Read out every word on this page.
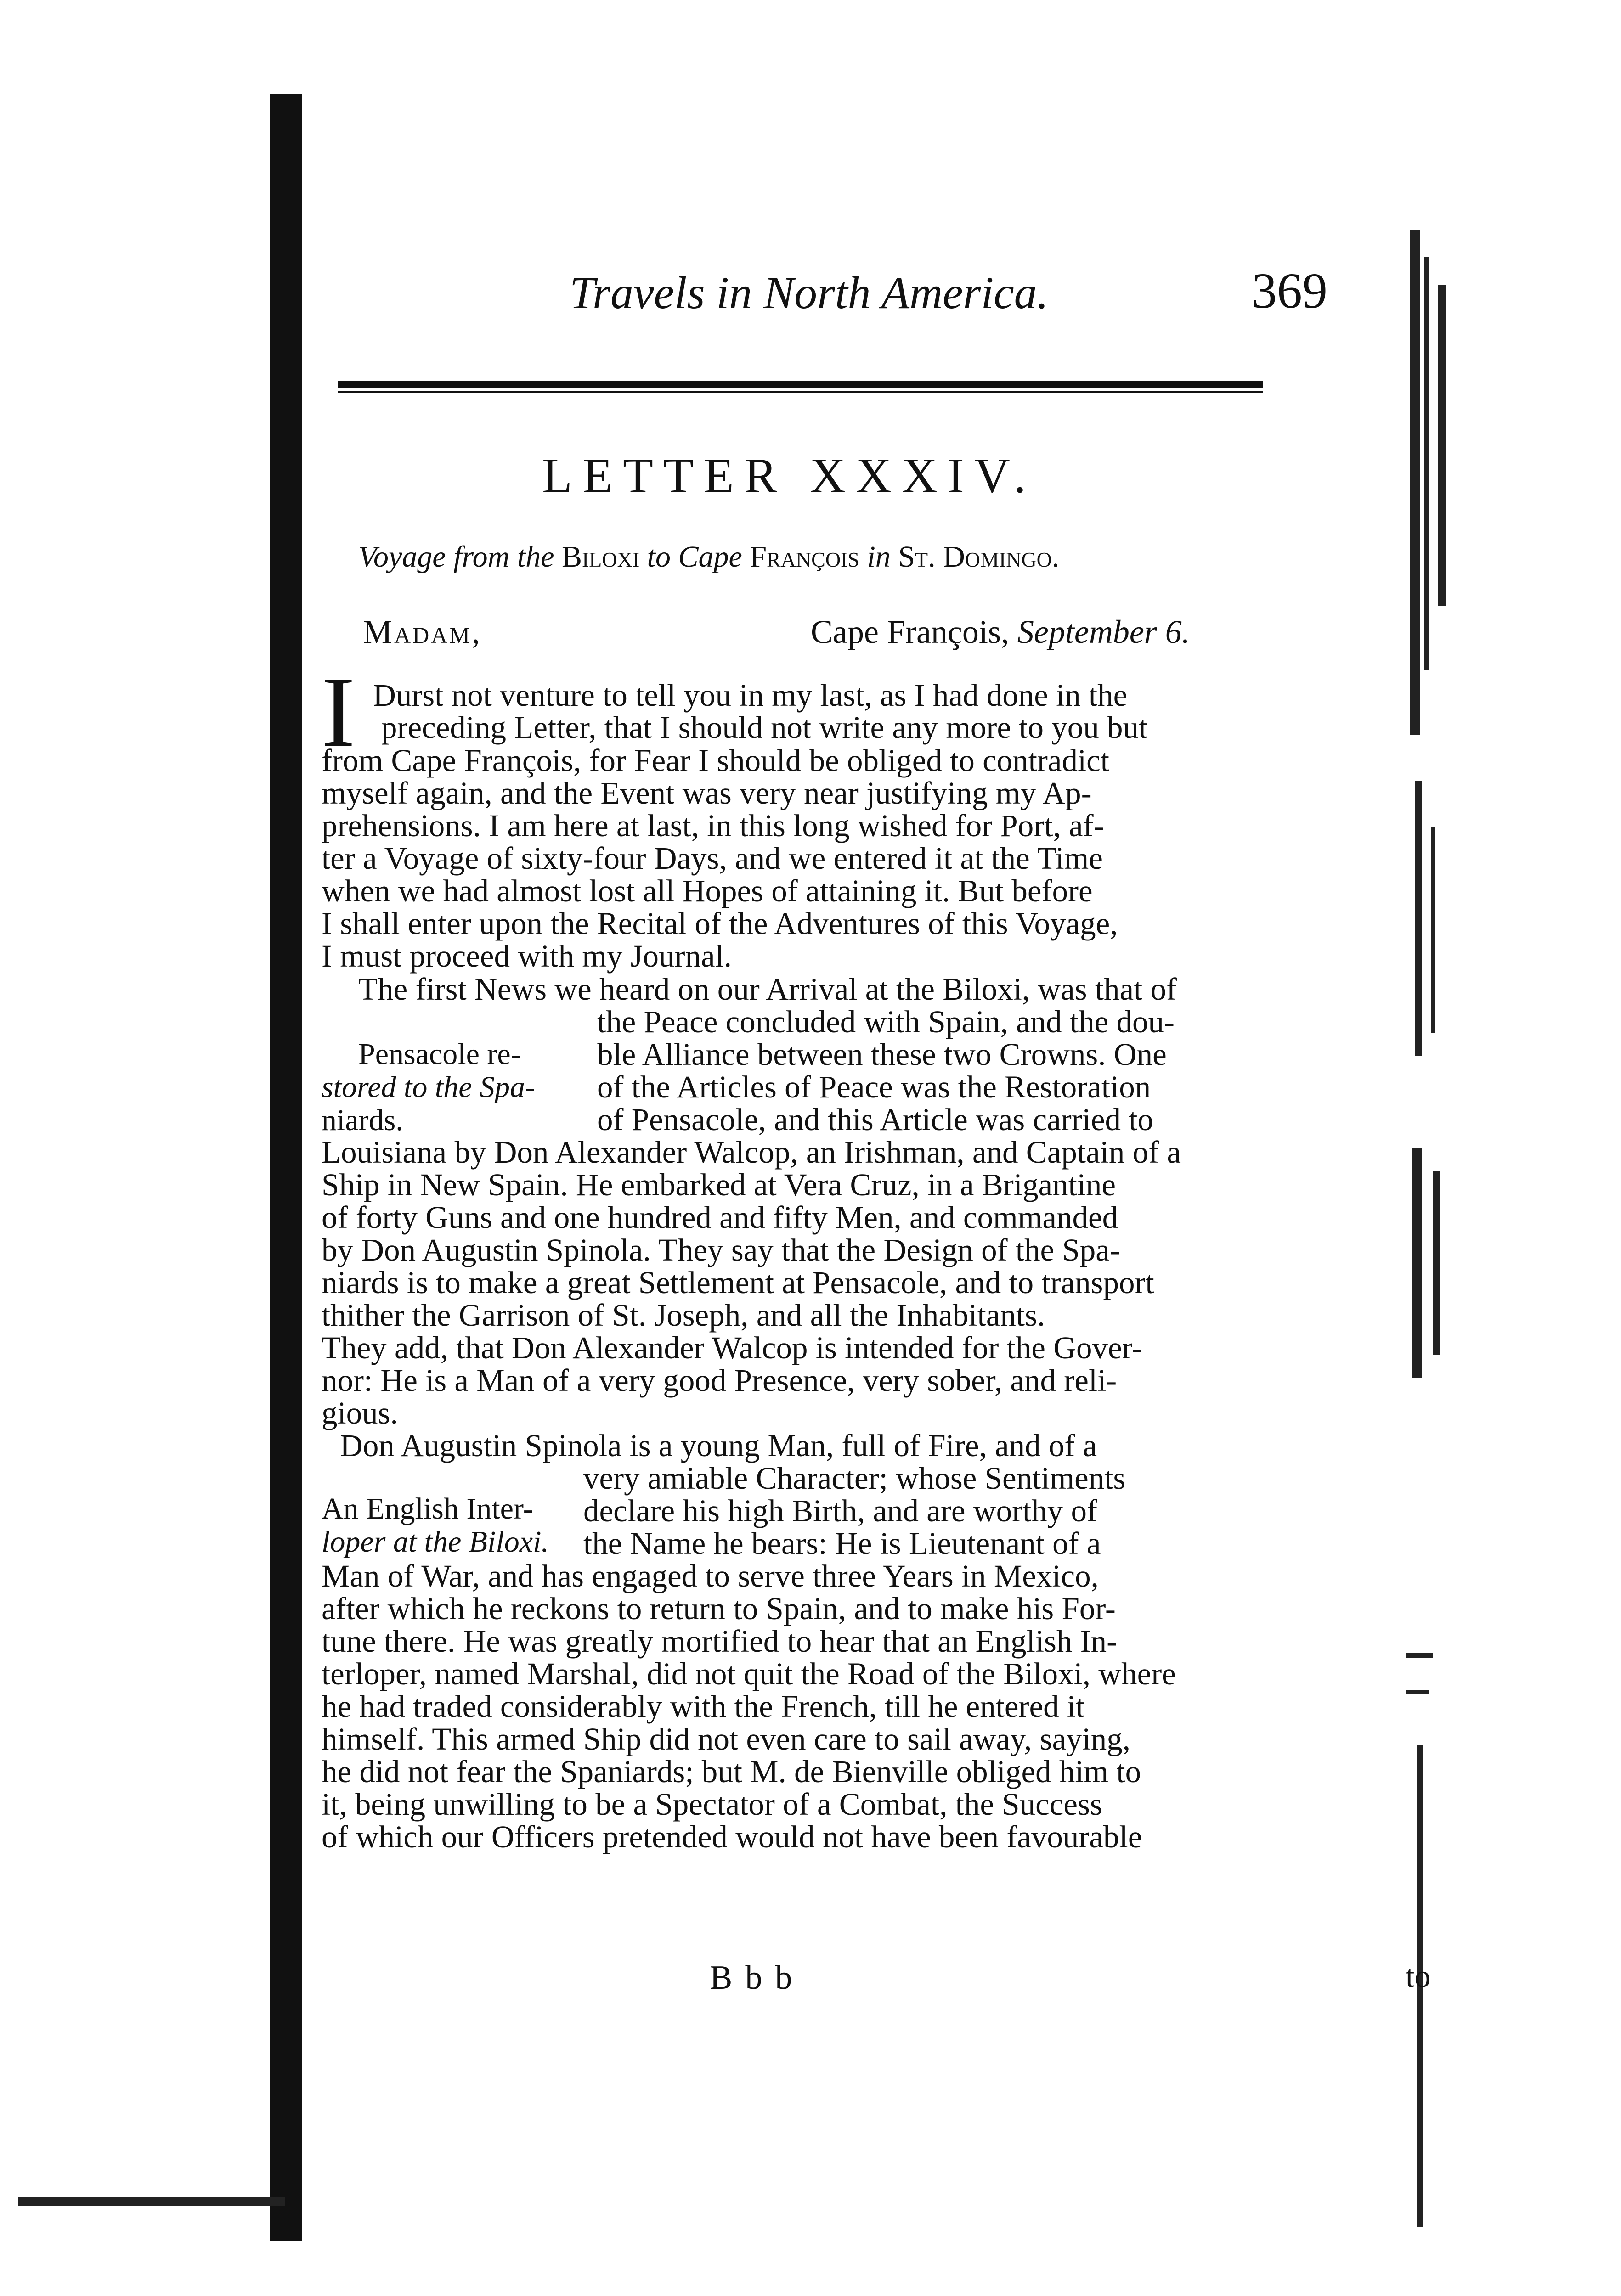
Travels in North America.	369
LETTER XXXIV.
Voyage from the Biloxi to Cape François in St. Domingo.
Madam,	Cape François, September 6.
I Durst not venture to tell you in my last, as I had done in the
preceding Letter, that I should not write any more to you but
from Cape François, for Fear I should be obliged to contradict
myself again, and the Event was very near justifying my Ap-
prehensions. I am here at last, in this long wished for Port, af-
ter a Voyage of sixty-four Days, and we entered it at the Time
when we had almost lost all Hopes of attaining it. But before
I shall enter upon the Recital of the Adventures of this Voyage,
I must proceed with my Journal.
The first News we heard on our Arrival at the Biloxi, was that of
the Peace concluded with Spain, and the dou-
ble Alliance between these two Crowns. One
of the Articles of Peace was the Restoration
of Pensacole, and this Article was carried to
Louisiana by Don Alexander Walcop, an Irishman, and Captain of a
Ship in New Spain. He embarked at Vera Cruz, in a Brigantine
of forty Guns and one hundred and fifty Men, and commanded
by Don Augustin Spinola. They say that the Design of the Spa-
niards is to make a great Settlement at Pensacole, and to transport
thither the Garrison of St. Joseph, and all the Inhabitants.
They add, that Don Alexander Walcop is intended for the Gover-
nor: He is a Man of a very good Presence, very sober, and reli-
gious.
Don Augustin Spinola is a young Man, full of Fire, and of a
very amiable Character; whose Sentiments
declare his high Birth, and are worthy of
the Name he bears: He is Lieutenant of a
Man of War, and has engaged to serve three Years in Mexico,
after which he reckons to return to Spain, and to make his For-
tune there. He was greatly mortified to hear that an English In-
terloper, named Marshal, did not quit the Road of the Biloxi, where
he had traded considerably with the French, till he entered it
himself. This armed Ship did not even care to sail away, saying,
he did not fear the Spaniards; but M. de Bienville obliged him to
it, being unwilling to be a Spectator of a Combat, the Success
of which our Officers pretended would not have been favourable
Pensacole re-
stored to the Spa-
niards.
An English Inter-
loper at the Biloxi.
Bbb	to
